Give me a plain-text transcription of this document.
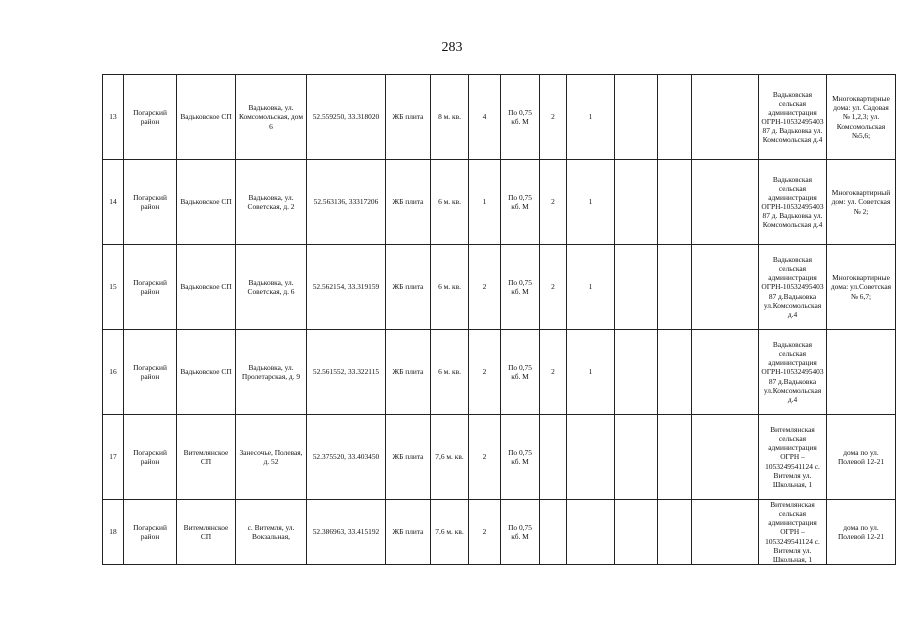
283
13	Погарский район	Вадьковское СП	Вадьковка, ул. Комсомольская, дом 6	52.559250, 33.318020	ЖБ плита	8 м. кв.	4	По 0,75 кб. М	2	1				Вадьковская сельская администрация ОГРН-1053249540387 д. Вадьковка ул. Комсомольская д.4	Многоквартирные дома: ул. Садовая № 1,2,3; ул. Комсомольская №5,6;
14	Погарский район	Вадьковское СП	Вадьковка, ул. Советская, д. 2	52.563136, 33317206	ЖБ плита	6 м. кв.	1	По 0,75 кб. М	2	1				Вадьковская сельская администрация ОГРН-1053249540387 д. Вадьковка ул. Комсомольская д.4	Многоквартирный дом: ул. Советская № 2;
15	Погарский район	Вадьковское СП	Вадьковка, ул. Советская, д. 6	52.562154, 33.319159	ЖБ плита	6 м. кв.	2	По 0,75 кб. М	2	1				Вадьковская сельская администрация ОГРН-1053249540387 д.Вадьковка ул.Комсомольская д.4	Многоквартирные дома: ул.Советская № 6,7;
16	Погарский район	Вадьковское СП	Вадьковка, ул. Пролетарская, д. 9	52.561552, 33.322115	ЖБ плита	6 м. кв.	2	По 0,75 кб. М	2	1				Вадьковская сельская администрация ОГРН-1053249540387 д.Вадьковка ул.Комсомольская д.4	
17	Погарский район	Витемлянское СП	Занесочье, Полевая, д. 52	52.375520, 33.403450	ЖБ плита	7,6 м. кв.	2	По 0,75 кб. М						Витемлянская сельская администрация ОГРН – 1053249541124 с. Витемля ул. Школьная, 1	дома по ул. Полевой 12-21
18	Погарский район	Витемлянское СП	с. Витемля, ул. Вокзальная,	52.386963, 33.415192	ЖБ плита	7.6 м. кв.	2	По 0,75 кб. М						Витемлянская сельская администрация ОГРН – 1053249541124 с. Витемля ул. Школьная, 1	дома по ул. Полевой 12-21
